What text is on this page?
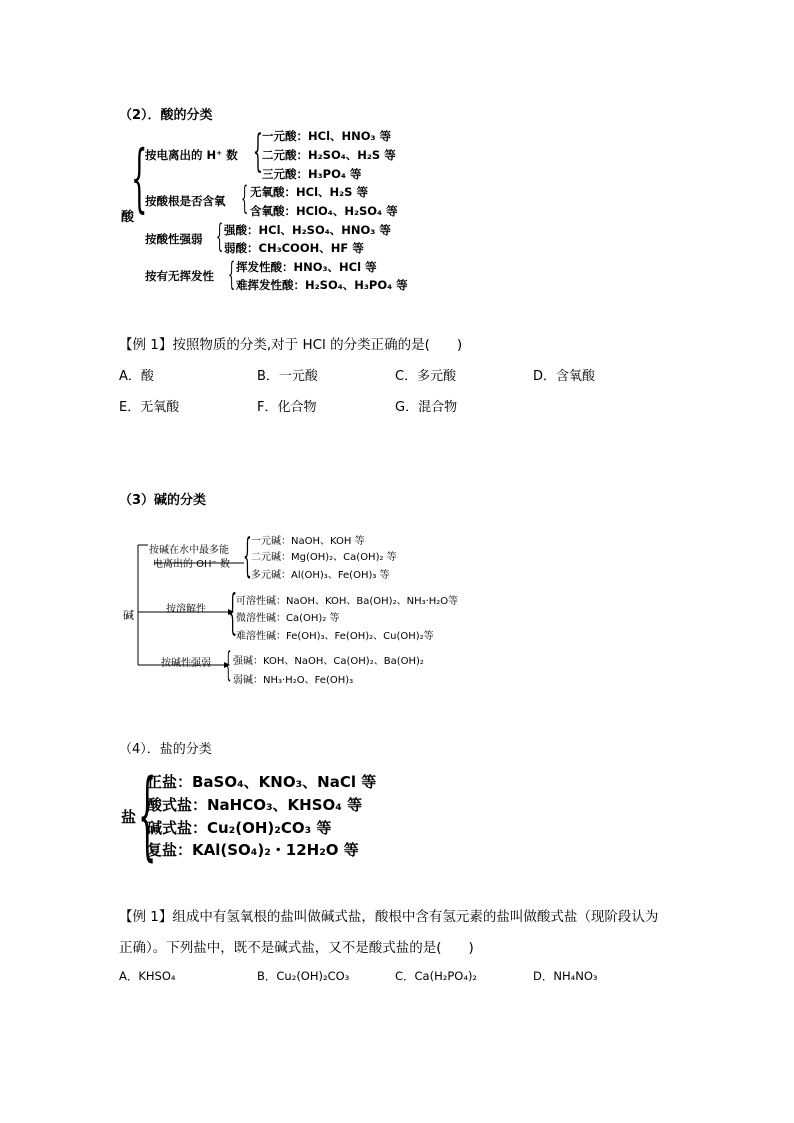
（2）．酸的分类
酸
{
按电离出的 H⁺ 数 { 一元酸：HCl、HNO₃ 等
二元酸：H₂SO₄、H₂S 等
三元酸：H₃PO₄ 等
按酸根是否含氧 { 无氧酸：HCl、H₂S 等
含氧酸：HClO₄、H₂SO₄ 等
按酸性强弱 { 强酸：HCl、H₂SO₄、HNO₃ 等
弱酸：CH₃COOH、HF 等
按有无挥发性 { 挥发性酸：HNO₃、HCl 等
难挥发性酸：H₂SO₄、H₃PO₄ 等
【例 1】按照物质的分类,对于 HCl 的分类正确的是(　　)
A．酸	B．一元酸	C．多元酸	D．含氧酸
E．无氧酸	F．化合物	G．混合物
（3）碱的分类
碱
按碱在水中最多能
电离出的 OH⁻ 数 { 一元碱：NaOH、KOH 等
二元碱：Mg(OH)₂、Ca(OH)₂ 等
多元碱：Al(OH)₃、Fe(OH)₃ 等
按溶解性 {
可溶性碱：NaOH、KOH、Ba(OH)₂、NH₃·H₂O等
微溶性碱：Ca(OH)₂ 等
难溶性碱：Fe(OH)₃、Fe(OH)₂、Cu(OH)₂等
按碱性强弱 { 强碱：KOH、NaOH、Ca(OH)₂、Ba(OH)₂
弱碱：NH₃·H₂O、Fe(OH)₃
（4）．盐的分类
盐 {
正盐：BaSO₄、KNO₃、NaCl 等
酸式盐：NaHCO₃、KHSO₄ 等
碱式盐：Cu₂(OH)₂CO₃ 等
复盐：KAl(SO₄)₂・12H₂O 等
【例 1】组成中有氢氧根的盐叫做碱式盐，酸根中含有氢元素的盐叫做酸式盐（现阶段认为
正确）。下列盐中，既不是碱式盐，又不是酸式盐的是(　　)
A．KHSO₄	B．Cu₂(OH)₂CO₃	C．Ca(H₂PO₄)₂	D．NH₄NO₃
